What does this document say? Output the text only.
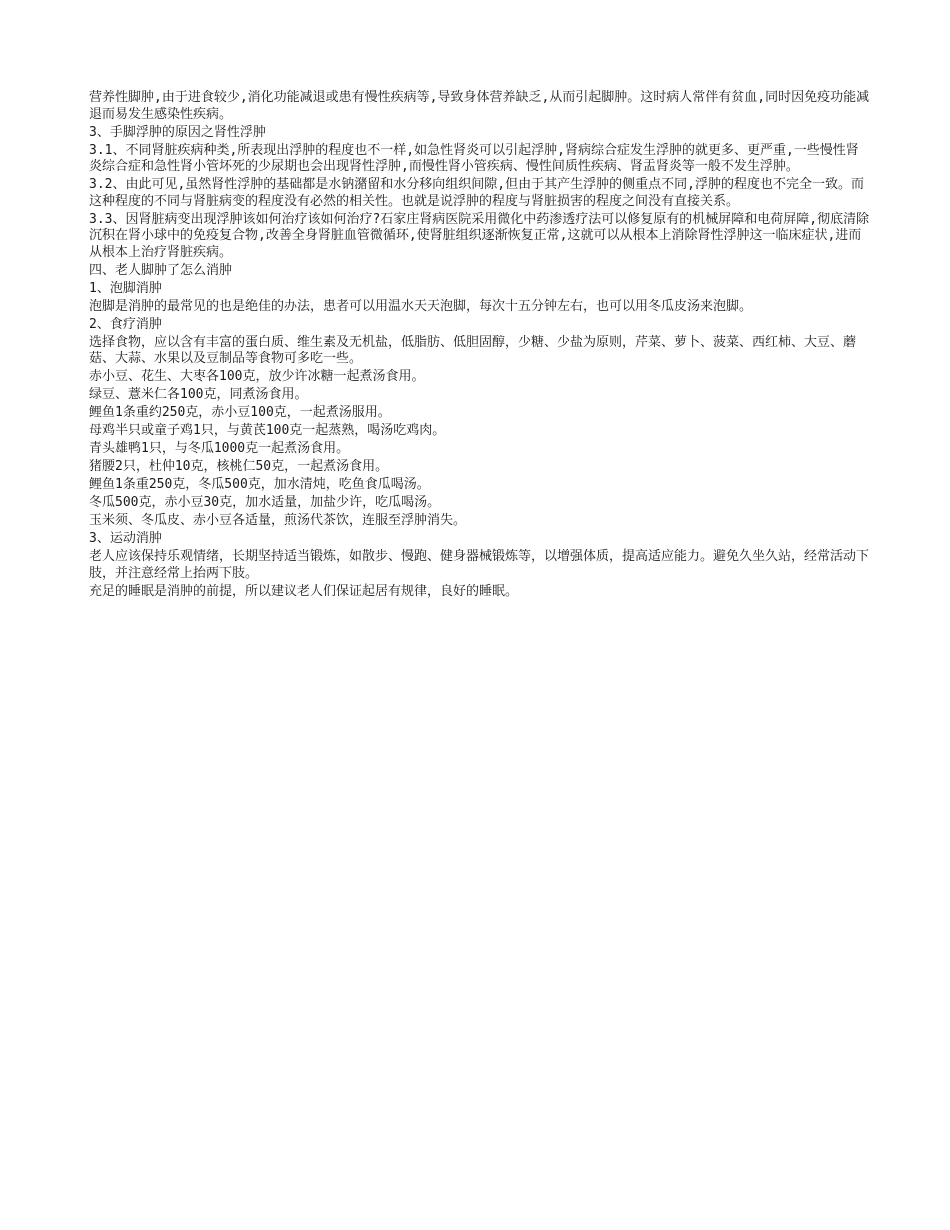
营养性脚肿,由于进食较少,消化功能减退或患有慢性疾病等,导致身体营养缺乏,从而引起脚肿。这时病人常伴有贫血,同时因免疫功能减退而易发生感染性疾病。

3、手脚浮肿的原因之肾性浮肿

3.1、不同肾脏疾病种类,所表现出浮肿的程度也不一样,如急性肾炎可以引起浮肿,肾病综合症发生浮肿的就更多、更严重,一些慢性肾炎综合症和急性肾小管坏死的少尿期也会出现肾性浮肿,而慢性肾小管疾病、慢性间质性疾病、肾盂肾炎等一般不发生浮肿。

3.2、由此可见,虽然肾性浮肿的基础都是水钠潴留和水分移向组织间隙,但由于其产生浮肿的侧重点不同,浮肿的程度也不完全一致。而这种程度的不同与肾脏病变的程度没有必然的相关性。也就是说浮肿的程度与肾脏损害的程度之间没有直接关系。

3.3、因肾脏病变出现浮肿该如何治疗该如何治疗?石家庄肾病医院采用微化中药渗透疗法可以修复原有的机械屏障和电荷屏障,彻底清除沉积在肾小球中的免疫复合物,改善全身肾脏血管微循环,使肾脏组织逐渐恢复正常,这就可以从根本上消除肾性浮肿这一临床症状,进而从根本上治疗肾脏疾病。

四、老人脚肿了怎么消肿

1、泡脚消肿

泡脚是消肿的最常见的也是绝佳的办法，患者可以用温水天天泡脚，每次十五分钟左右，也可以用冬瓜皮汤来泡脚。

2、食疗消肿

选择食物，应以含有丰富的蛋白质、维生素及无机盐，低脂肪、低胆固醇，少糖、少盐为原则，芹菜、萝卜、菠菜、西红柿、大豆、蘑菇、大蒜、水果以及豆制品等食物可多吃一些。

赤小豆、花生、大枣各100克，放少许冰糖一起煮汤食用。

绿豆、薏米仁各100克，同煮汤食用。

鲤鱼1条重约250克，赤小豆100克，一起煮汤服用。

母鸡半只或童子鸡1只，与黄芪100克一起蒸熟，喝汤吃鸡肉。

青头雄鸭1只，与冬瓜1000克一起煮汤食用。

猪腰2只，杜仲10克，核桃仁50克，一起煮汤食用。

鲤鱼1条重250克，冬瓜500克，加水清炖，吃鱼食瓜喝汤。

冬瓜500克，赤小豆30克，加水适量，加盐少许，吃瓜喝汤。

玉米须、冬瓜皮、赤小豆各适量，煎汤代茶饮，连服至浮肿消失。

3、运动消肿

老人应该保持乐观情绪，长期坚持适当锻炼，如散步、慢跑、健身器械锻炼等，以增强体质，提高适应能力。避免久坐久站，经常活动下肢，并注意经常上抬两下肢。

充足的睡眠是消肿的前提，所以建议老人们保证起居有规律，良好的睡眠。
